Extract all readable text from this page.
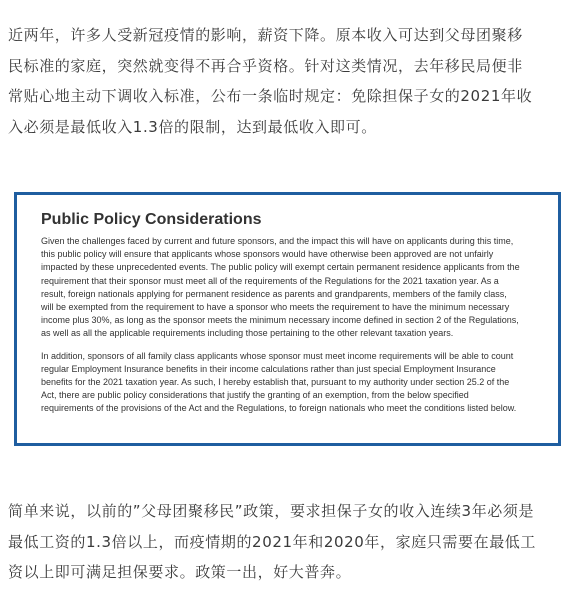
近两年，许多人受新冠疫情的影响，薪资下降。原本收入可达到父母团聚移
民标准的家庭，突然就变得不再合乎资格。针对这类情况，去年移民局便非
常贴心地主动下调收入标准，公布一条临时规定：免除担保子女的2021年收
入必须是最低收入1.3倍的限制，达到最低收入即可。
Public Policy Considerations
Given the challenges faced by current and future sponsors, and the impact this will have on applicants during this time,
this public policy will ensure that applicants whose sponsors would have otherwise been approved are not unfairly
impacted by these unprecedented events. The public policy will exempt certain permanent residence applicants from the
requirement that their sponsor must meet all of the requirements of the Regulations for the 2021 taxation year. As a
result, foreign nationals applying for permanent residence as parents and grandparents, members of the family class,
will be exempted from the requirement to have a sponsor who meets the requirement to have the minimum necessary
income plus 30%, as long as the sponsor meets the minimum necessary income defined in section 2 of the Regulations,
as well as all the applicable requirements including those pertaining to the other relevant taxation years.
In addition, sponsors of all family class applicants whose sponsor must meet income requirements will be able to count
regular Employment Insurance benefits in their income calculations rather than just special Employment Insurance
benefits for the 2021 taxation year. As such, I hereby establish that, pursuant to my authority under section 25.2 of the
Act, there are public policy considerations that justify the granting of an exemption, from the below specified
requirements of the provisions of the Act and the Regulations, to foreign nationals who meet the conditions listed below.
简单来说，以前的”父母团聚移民”政策，要求担保子女的收入连续3年必须是
最低工资的1.3倍以上，而疫情期的2021年和2020年，家庭只需要在最低工
资以上即可满足担保要求。政策一出，好大普奔。
